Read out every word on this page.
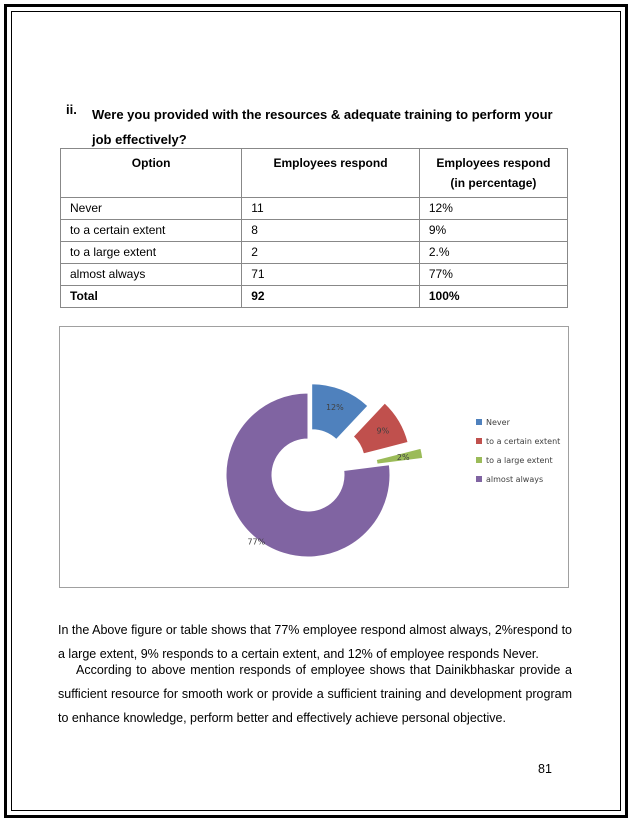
ii. Were you provided with the resources & adequate training to perform your job effectively?
Option	Employees respond	Employees respond
(in percentage)
Never	11	12%
to a certain extent	8	9%
to a large extent	2	2.%
almost always	71	77%
Total	92	100%
12%
9%
2%
77%
Never
to a certain extent
to a large extent
almost always
In the Above figure or table shows that 77% employee respond almost always, 2%respond to a large extent, 9% responds to a certain extent, and 12% of employee responds Never.
According to above mention responds of employee shows that Dainikbhaskar provide a sufficient resource for smooth work or provide a sufficient training and development program to enhance knowledge, perform better and effectively achieve personal objective.
81
